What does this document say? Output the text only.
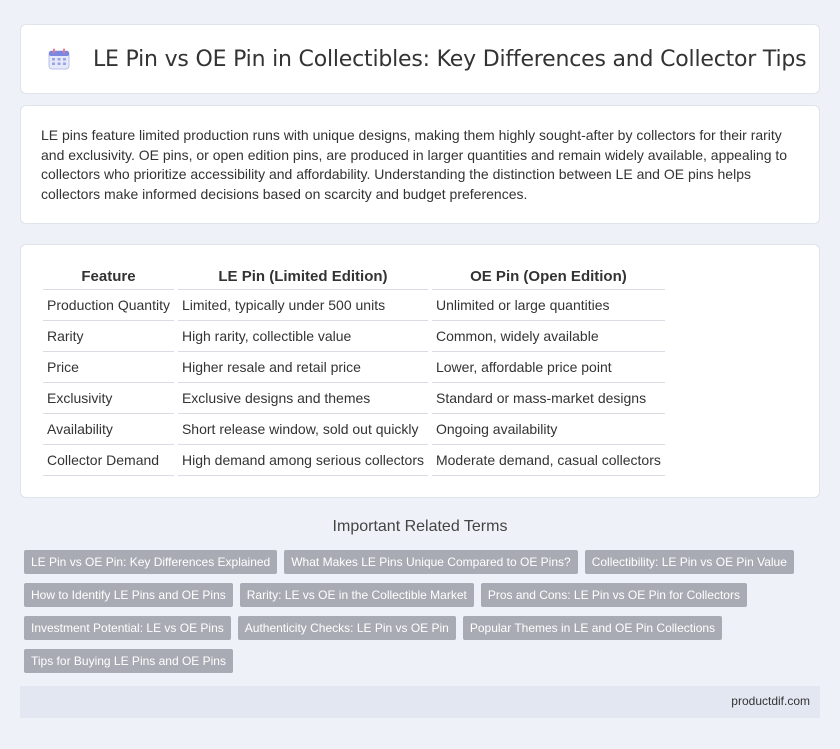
LE Pin vs OE Pin in Collectibles: Key Differences and Collector Tips

LE pins feature limited production runs with unique designs, making them highly sought-after by collectors for their rarity and exclusivity. OE pins, or open edition pins, are produced in larger quantities and remain widely available, appealing to collectors who prioritize accessibility and affordability. Understanding the distinction between LE and OE pins helps collectors make informed decisions based on scarcity and budget preferences.

Feature	LE Pin (Limited Edition)	OE Pin (Open Edition)
Production Quantity	Limited, typically under 500 units	Unlimited or large quantities
Rarity	High rarity, collectible value	Common, widely available
Price	Higher resale and retail price	Lower, affordable price point
Exclusivity	Exclusive designs and themes	Standard or mass-market designs
Availability	Short release window, sold out quickly	Ongoing availability
Collector Demand	High demand among serious collectors	Moderate demand, casual collectors
Important Related Terms
LE Pin vs OE Pin: Key Differences Explained What Makes LE Pins Unique Compared to OE Pins? Collectibility: LE Pin vs OE Pin Value
How to Identify LE Pins and OE Pins Rarity: LE vs OE in the Collectible Market Pros and Cons: LE Pin vs OE Pin for Collectors
Investment Potential: LE vs OE Pins Authenticity Checks: LE Pin vs OE Pin Popular Themes in LE and OE Pin Collections
Tips for Buying LE Pins and OE Pins
productdif.com
